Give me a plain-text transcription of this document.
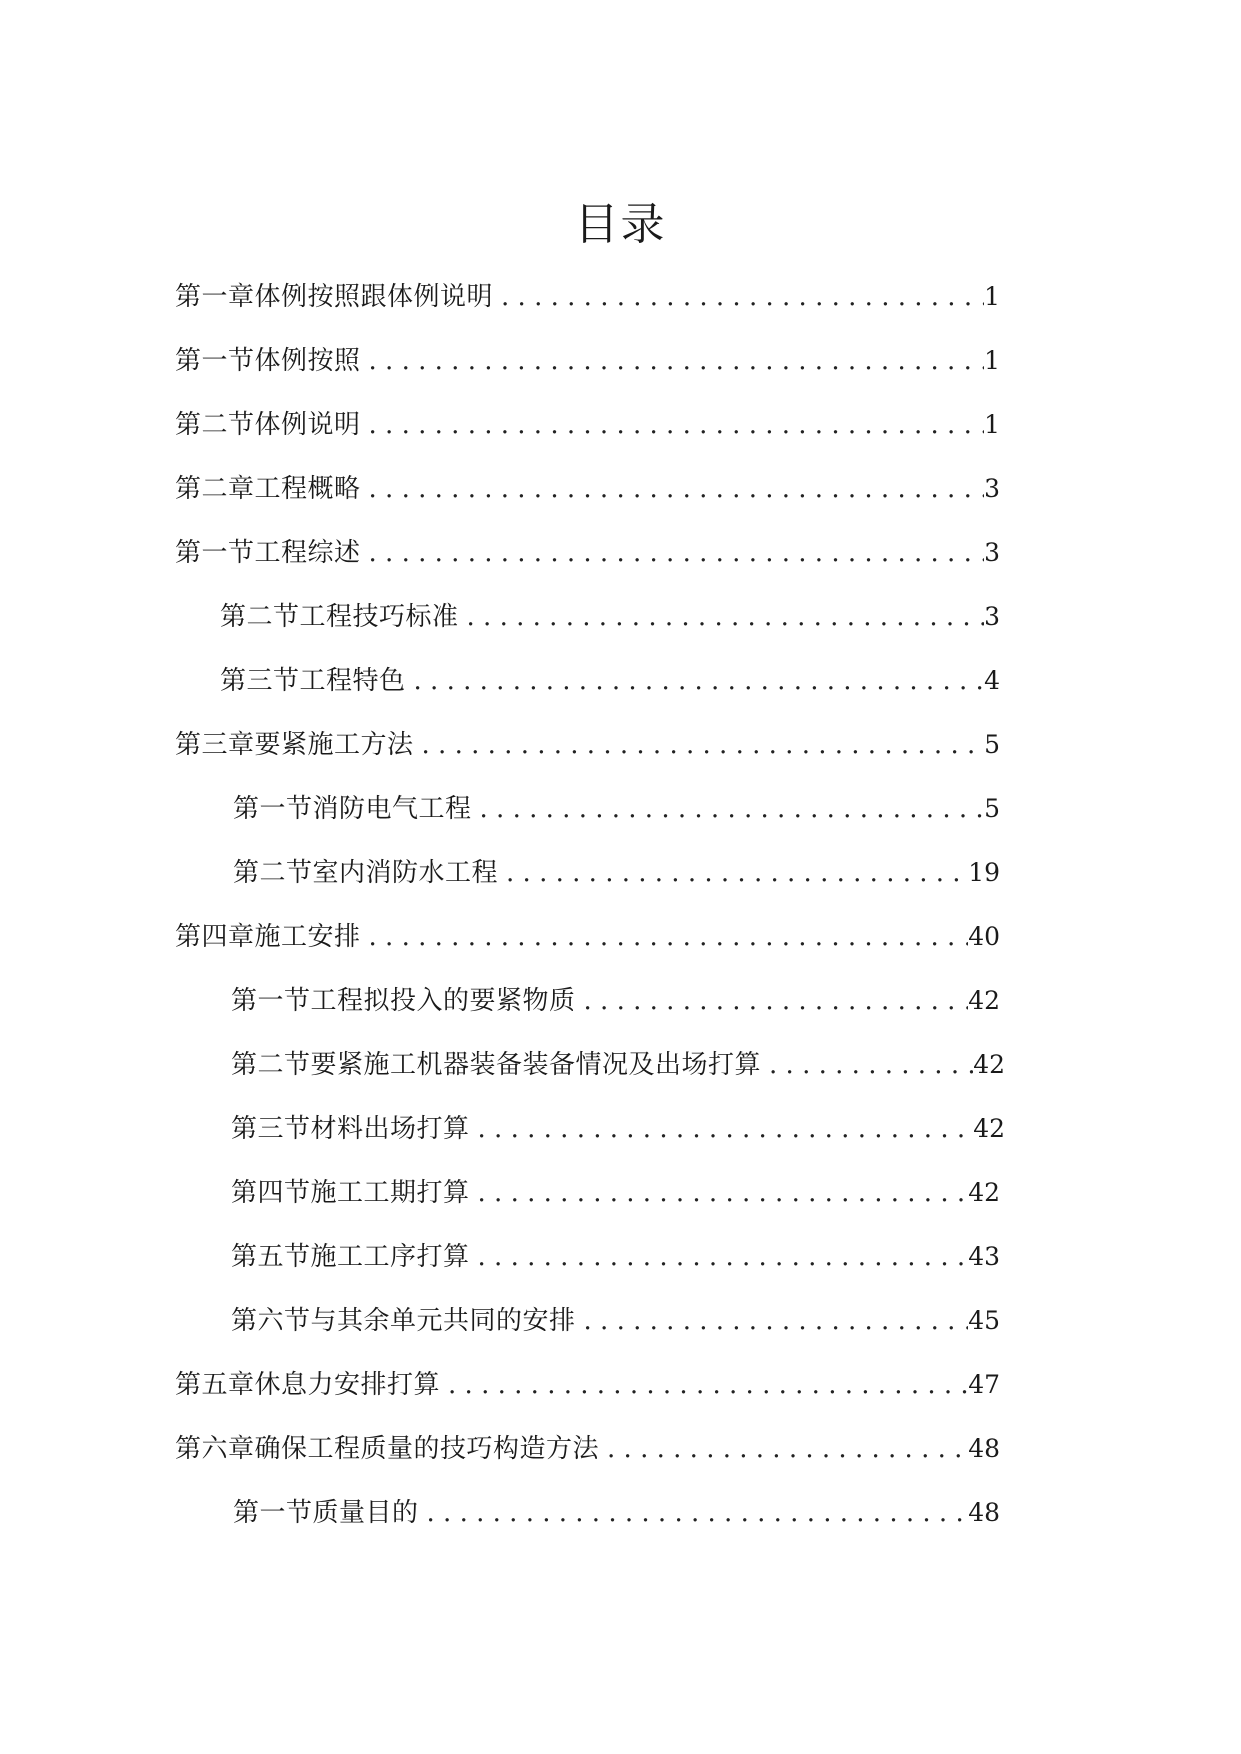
目录
第一章体例按照跟体例说明 . . .	1
第一节体例按照 . . .	1
第二节体例说明 . . .	1
第二章工程概略 . . .	3
第一节工程综述 . . .	3
第二节工程技巧标准 . . .	3
第三节工程特色 . . .	4
第三章要紧施工方法 . . .	5
第一节消防电气工程 . . .	5
第二节室内消防水工程 . . .	19
第四章施工安排 . . .	40
第一节工程拟投入的要紧物质 . . .	42
第二节要紧施工机器装备装备情况及出场打算 . . .	42
第三节材料出场打算 . . .	42
第四节施工工期打算 . . .	42
第五节施工工序打算 . . .	43
第六节与其余单元共同的安排 . . .	45
第五章休息力安排打算 . . .	47
第六章确保工程质量的技巧构造方法 . . .	48
第一节质量目的 . . .	48
